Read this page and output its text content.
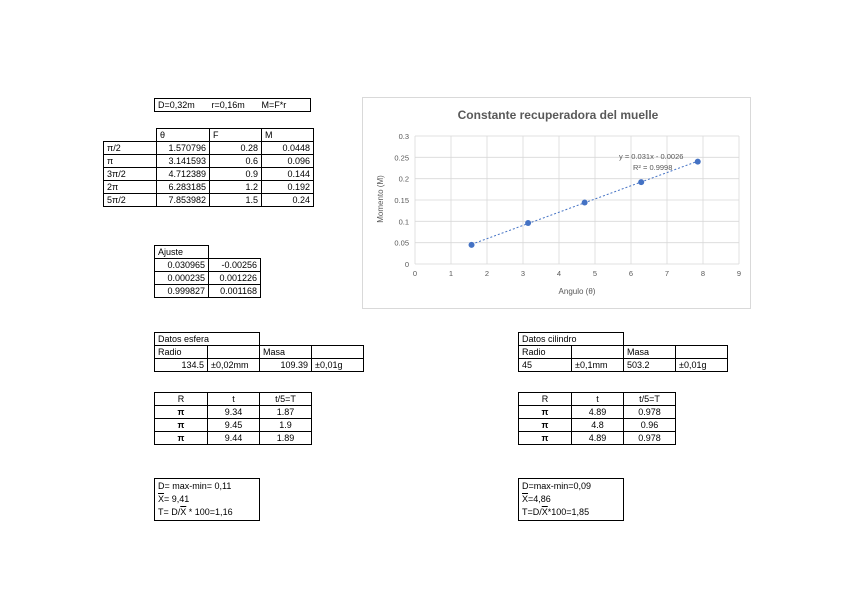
D=0,32m	r=0,16m	M=F*r
	θ	F	M
π/2	1.570796	0.28	0.0448
π	3.141593	0.6	0.096
3π/2	4.712389	0.9	0.144
2π	6.283185	1.2	0.192
5π/2	7.853982	1.5	0.24
Ajuste	
0.030965	-0.00256
0.000235	0.001226
0.999827	0.001168
Constante recuperadora del muelle
0
0.05
0.1
0.15
0.2
0.25
0.3
0	1	2	3	4	5	6	7	8	9
y = 0.031x - 0.0026
R² = 0.9998
Angulo (θ)
Momento (M)
Datos esfera			
Radio		Masa	
134.5	±0,02mm	109.39	±0,01g
R	t	t/5=T
π	9.34	1.87
π	9.45	1.9
π	9.44	1.89
D= max-min= 0,11
$\overline{X}= 9,41$
$T= D/\overline{X} * 100=1,16$
Datos cilindro			
Radio		Masa	
45	±0,1mm	503.2	±0,01g
R	t	t/5=T
π	4.89	0.978
π	4.8	0.96
π	4.89	0.978
D=max-min=0,09
$\overline{X}=4,86$
$T=D/\overline{X}*100=1,85$
